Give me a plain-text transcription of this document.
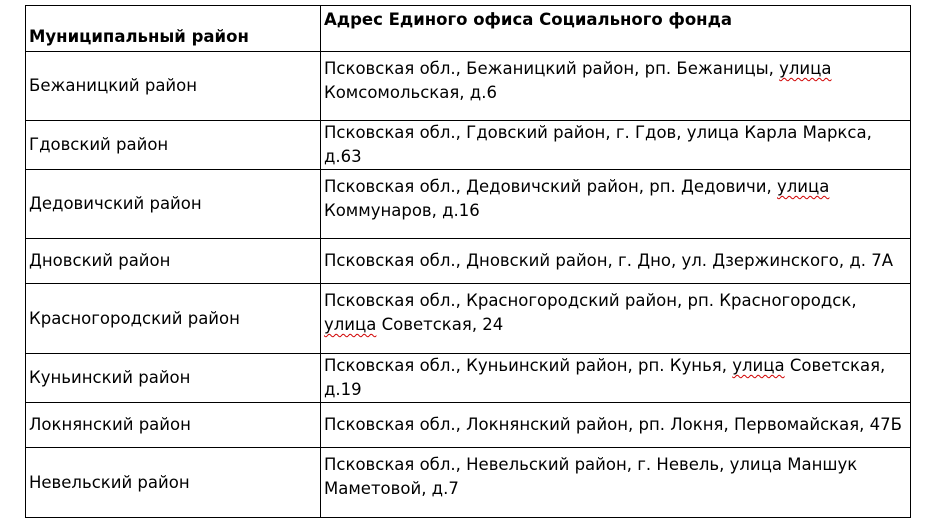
Муниципальный район	Адрес Единого офиса Социального фонда
Бежаницкий район	Псковская обл., Бежаницкий район, рп. Бежаницы, улица Комсомольская, д.6
Гдовский район	Псковская обл., Гдовский район, г. Гдов, улица Карла Маркса, д.63
Дедовичский район	Псковская обл., Дедовичский район, рп. Дедовичи, улица Коммунаров, д.16
Дновский район	Псковская обл., Дновский район, г. Дно, ул. Дзержинского, д. 7А
Красногородский район	Псковская обл., Красногородский район, рп. Красногородск, улица Советская, 24
Куньинский район	Псковская обл., Куньинский район, рп. Кунья, улица Советская, д.19
Локнянский район	Псковская обл., Локнянский район, рп. Локня, Первомайская, 47Б
Невельский район	Псковская обл., Невельский район, г. Невель, улица Маншук Маметовой, д.7
